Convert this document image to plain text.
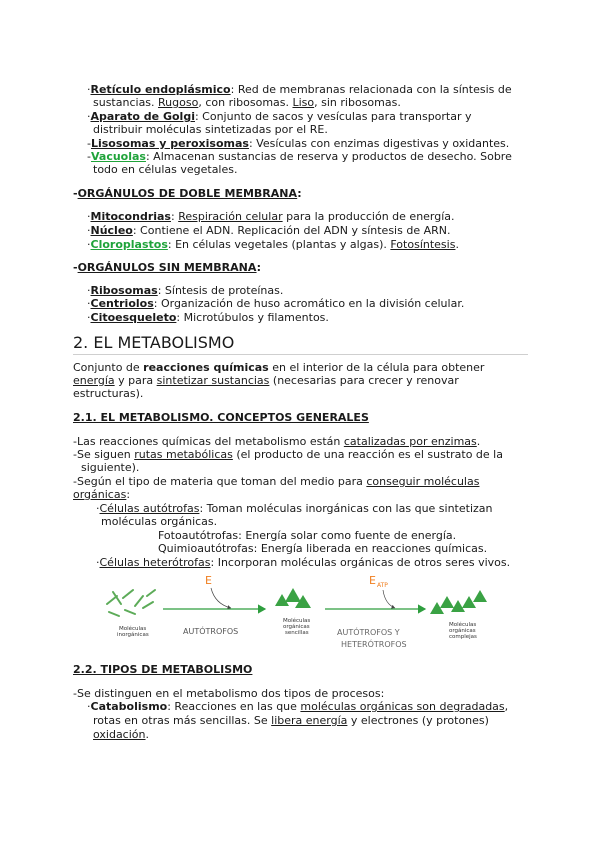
·Retículo endoplásmico: Red de membranas relacionada con la síntesis de
sustancias. Rugoso, con ribosomas. Liso, sin ribosomas.
·Aparato de Golgi: Conjunto de sacos y vesículas para transportar y
distribuir moléculas sintetizadas por el RE.
-Lisosomas y peroxisomas: Vesículas con enzimas digestivas y oxidantes.
-Vacuolas: Almacenan sustancias de reserva y productos de desecho. Sobre
todo en células vegetales.
-ORGÁNULOS DE DOBLE MEMBRANA:
·Mitocondrias: Respiración celular para la producción de energía.
·Núcleo: Contiene el ADN. Replicación del ADN y síntesis de ARN.
·Cloroplastos: En células vegetales (plantas y algas). Fotosíntesis.
-ORGÁNULOS SIN MEMBRANA:
·Ribosomas: Síntesis de proteínas.
·Centriolos: Organización de huso acromático en la división celular.
·Citoesqueleto: Microtúbulos y filamentos.
2. EL METABOLISMO
Conjunto de reacciones químicas en el interior de la célula para obtener
energía y para sintetizar sustancias (necesarias para crecer y renovar
estructuras).
2.1. EL METABOLISMO. CONCEPTOS GENERALES
-Las reacciones químicas del metabolismo están catalizadas por enzimas.
-Se siguen rutas metabólicas (el producto de una reacción es el sustrato de la
siguiente).
-Según el tipo de materia que toman del medio para conseguir moléculas
orgánicas:
·Células autótrofas: Toman moléculas inorgánicas con las que sintetizan
moléculas orgánicas.
Fotoautótrofas: Energía solar como fuente de energía.
Quimioautótrofas: Energía liberada en reacciones químicas.
·Células heterótrofas: Incorporan moléculas orgánicas de otros seres vivos.
Moléculas
inorgánicas
E
AUTÓTROFOS
Moléculas
orgánicas
sencillas
E ATP
AUTÓTROFOS Y
HETERÓTROFOS
Moléculas
orgánicas
complejas
2.2. TIPOS DE METABOLISMO
-Se distinguen en el metabolismo dos tipos de procesos:
·Catabolismo: Reacciones en las que moléculas orgánicas son degradadas,
rotas en otras más sencillas. Se libera energía y electrones (y protones)
oxidación.
